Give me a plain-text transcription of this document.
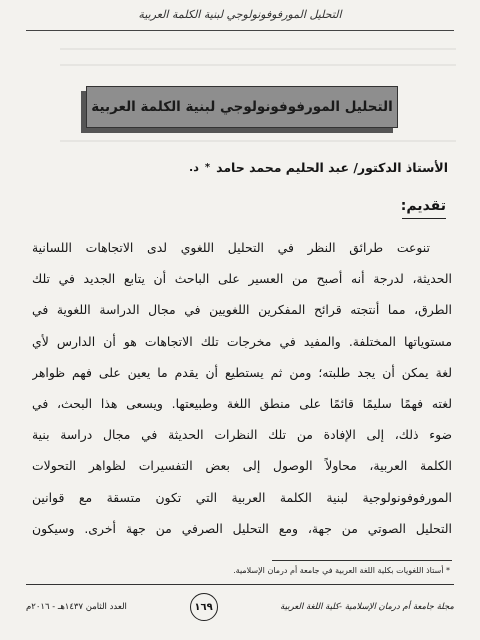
التحليل المورفوفونولوجي لبنية الكلمة العربية
التحليل المورفوفونولوجي لبنية الكلمة العربية
الأستاذ الدكتور/ عبد الحليم محمد حامد
*
د.
تقديم:
تنوعت طرائق النظر في التحليل اللغوي لدى الاتجاهات اللسانية
الحديثة، لدرجة أنه أصبح من العسير على الباحث أن يتابع الجديد في تلك
الطرق، مما أنتجته قرائح المفكرين اللغويين في مجال الدراسة اللغوية في
مستوياتها المختلفة. والمفيد في مخرجات تلك الاتجاهات هو أن الدارس لأي
لغة يمكن أن يجد طلبته؛ ومن ثم يستطيع أن يقدم ما يعين على فهم ظواهر
لغته فهمًا سليمًا قائمًا على منطق اللغة وطبيعتها. ويسعى هذا البحث، في
ضوء ذلك، إلى الإفادة من تلك النظرات الحديثة في مجال دراسة بنية
الكلمة العربية، محاولاً الوصول إلى بعض التفسيرات لظواهر التحولات
المورفوفونولوجية لبنية الكلمة العربية التي تكون متسقة مع قوانين
التحليل الصوتي من جهة، ومع التحليل الصرفي من جهة أخرى. وسيكون
* أستاذ اللغويات بكلية اللغة العربية في جامعة أم درمان الإسلامية.
مجلة جامعة أم درمان الإسلامية -كلية اللغة العربية
١٦٩
العدد الثامن ١٤٣٧هـ - ٢٠١٦م
